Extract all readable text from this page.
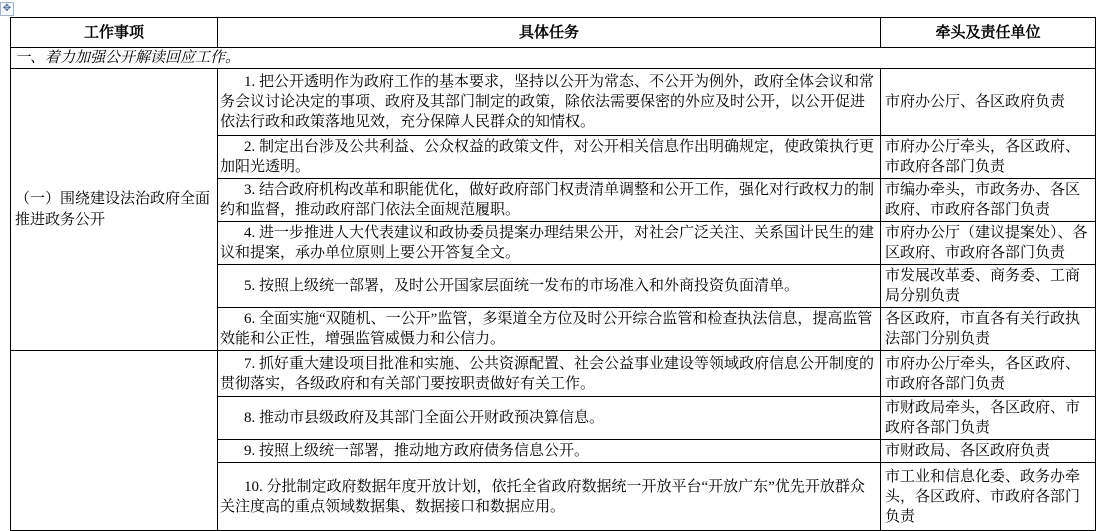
✥
工作事项	具体任务	牵头及责任单位
一、着力加强公开解读回应工作。		
（一）围绕建设法治政府全面推进政务公开	1. 把公开透明作为政府工作的基本要求，坚持以公开为常态、不公开为例外，政府全体会议和常务会议讨论决定的事项、政府及其部门制定的政策，除依法需要保密的外应及时公开，以公开促进依法行政和政策落地见效，充分保障人民群众的知情权。	市府办公厅、各区政府负责
	2. 制定出台涉及公共利益、公众权益的政策文件，对公开相关信息作出明确规定，使政策执行更加阳光透明。	市府办公厅牵头，各区政府、市政府各部门负责
	3. 结合政府机构改革和职能优化，做好政府部门权责清单调整和公开工作，强化对行政权力的制约和监督，推动政府部门依法全面规范履职。	市编办牵头，市政务办、各区政府、市政府各部门负责
	4. 进一步推进人大代表建议和政协委员提案办理结果公开，对社会广泛关注、关系国计民生的建议和提案，承办单位原则上要公开答复全文。	市府办公厅（建议提案处）、各区政府、市政府各部门负责
	5. 按照上级统一部署，及时公开国家层面统一发布的市场准入和外商投资负面清单。	市发展改革委、商务委、工商局分别负责
	6. 全面实施“双随机、一公开”监管，多渠道全方位及时公开综合监管和检查执法信息，提高监管效能和公正性，增强监管威慑力和公信力。	各区政府，市直各有关行政执法部门分别负责
	7. 抓好重大建设项目批准和实施、公共资源配置、社会公益事业建设等领域政府信息公开制度的贯彻落实，各级政府和有关部门要按职责做好有关工作。	市府办公厅牵头，各区政府、市政府各部门负责
	8. 推动市县级政府及其部门全面公开财政预决算信息。	市财政局牵头，各区政府、市政府各部门负责
	9. 按照上级统一部署，推动地方政府债务信息公开。	市财政局、各区政府负责
	10. 分批制定政府数据年度开放计划，依托全省政府数据统一开放平台“开放广东”优先开放群众关注度高的重点领域数据集、数据接口和数据应用。	市工业和信息化委、政务办牵头，各区政府、市政府各部门负责
